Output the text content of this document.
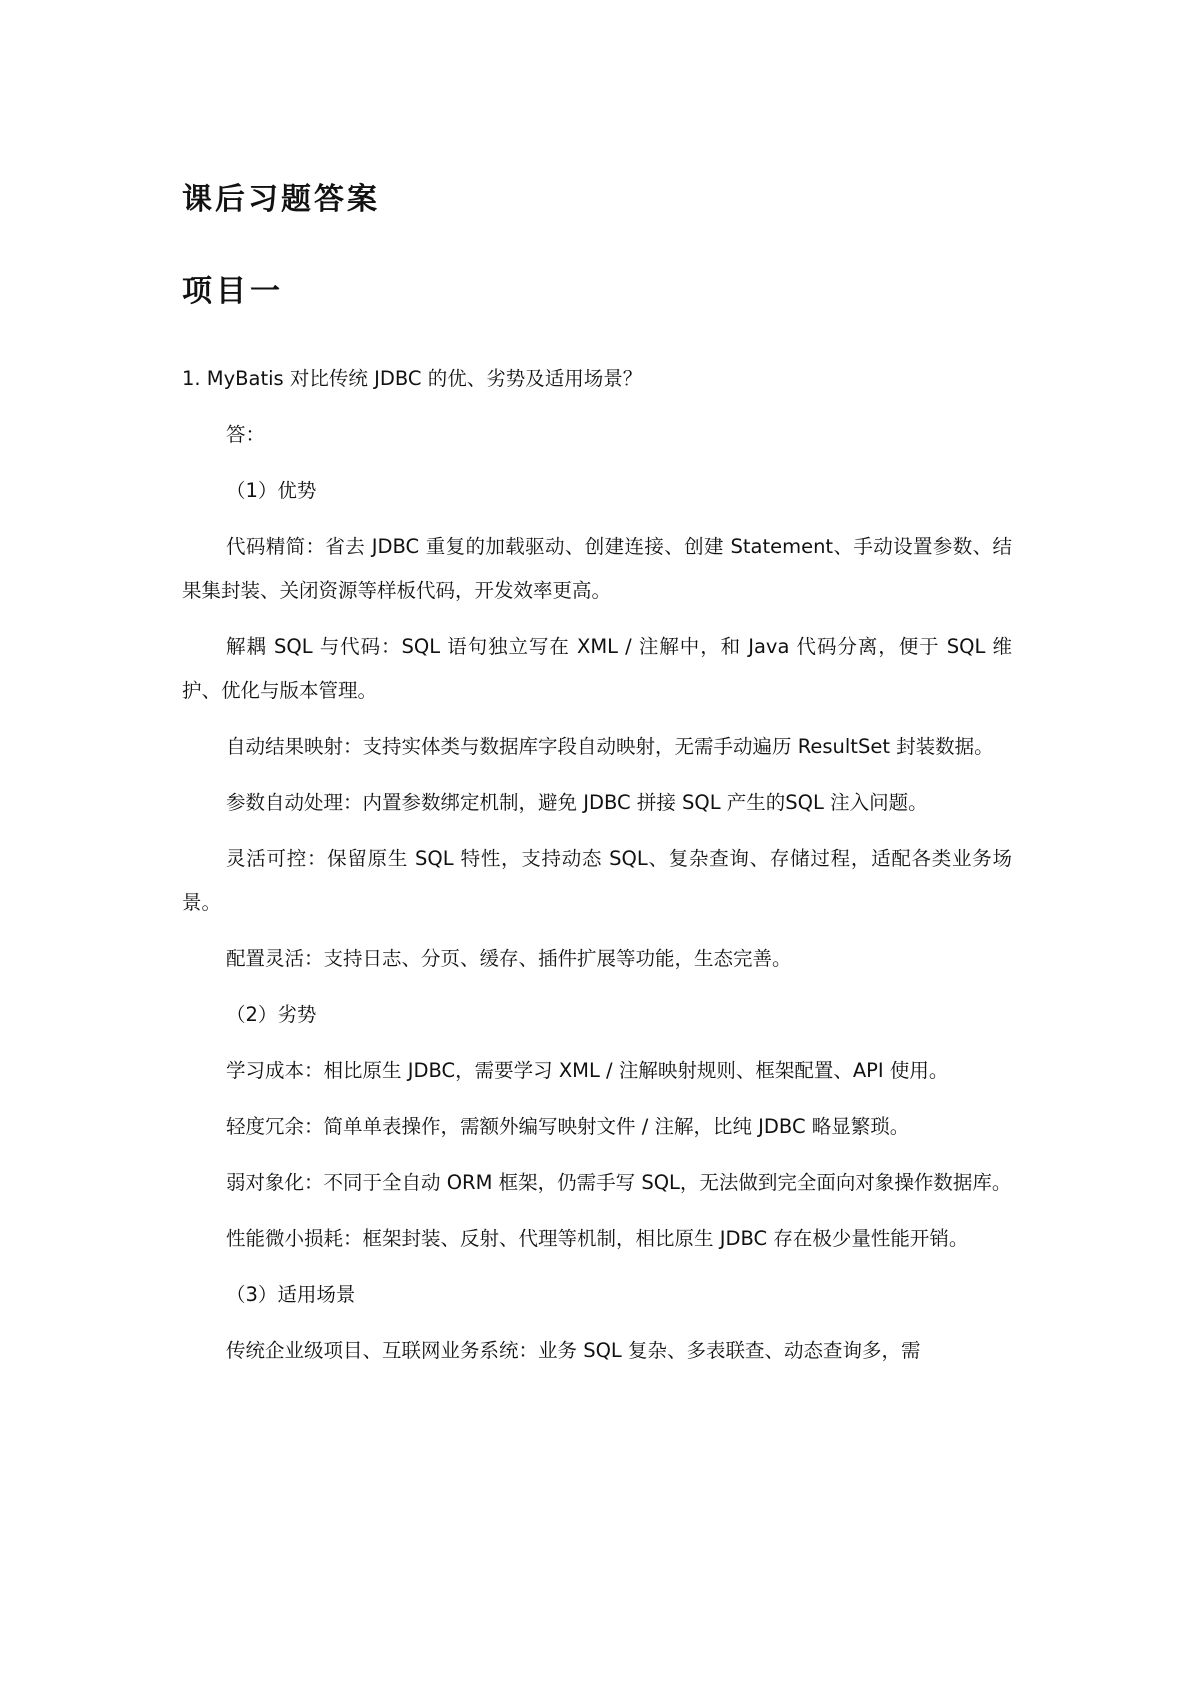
课后习题答案
项目一

1. MyBatis 对比传统 JDBC 的优、劣势及适用场景？

答：

（1）优势

代码精简：省去 JDBC 重复的加载驱动、创建连接、创建 Statement、手动设置参数、结果集封装、关闭资源等样板代码，开发效率更高。

解耦 SQL 与代码：SQL 语句独立写在 XML / 注解中，和 Java 代码分离，便于 SQL 维护、优化与版本管理。

自动结果映射：支持实体类与数据库字段自动映射，无需手动遍历 ResultSet 封装数据。

参数自动处理：内置参数绑定机制，避免 JDBC 拼接 SQL 产生的SQL 注入问题。

灵活可控：保留原生 SQL 特性，支持动态 SQL、复杂查询、存储过程，适配各类业务场景。

配置灵活：支持日志、分页、缓存、插件扩展等功能，生态完善。

（2）劣势

学习成本：相比原生 JDBC，需要学习 XML / 注解映射规则、框架配置、API 使用。

轻度冗余：简单单表操作，需额外编写映射文件 / 注解，比纯 JDBC 略显繁琐。

弱对象化：不同于全自动 ORM 框架，仍需手写 SQL，无法做到完全面向对象操作数据库。

性能微小损耗：框架封装、反射、代理等机制，相比原生 JDBC 存在极少量性能开销。

（3）适用场景

传统企业级项目、互联网业务系统：业务 SQL 复杂、多表联查、动态查询多，需
